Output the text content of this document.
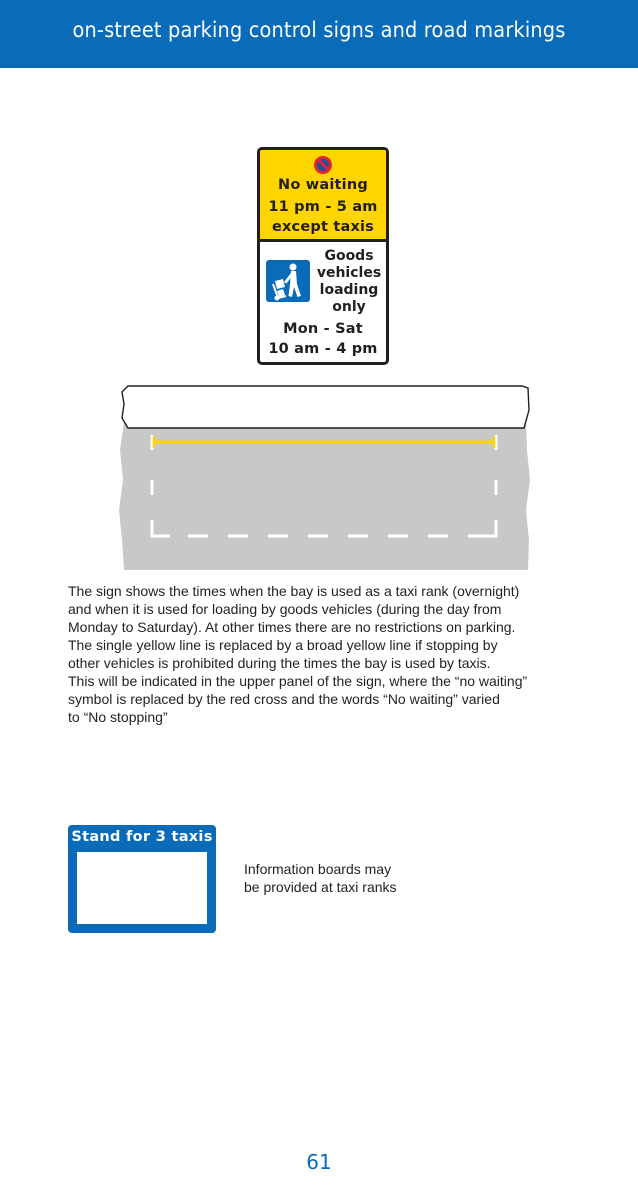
on-street parking control signs and road markings
No waiting
11 pm - 5 am
except taxis
Goods
vehicles
loading
only
Mon - Sat
10 am - 4 pm
The sign shows the times when the bay is used as a taxi rank (overnight)
and when it is used for loading by goods vehicles (during the day from
Monday to Saturday). At other times there are no restrictions on parking.
The single yellow line is replaced by a broad yellow line if stopping by
other vehicles is prohibited during the times the bay is used by taxis.
This will be indicated in the upper panel of the sign, where the “no waiting”
symbol is replaced by the red cross and the words “No waiting” varied
to “No stopping”
Stand for 3 taxis
Information boards may
be provided at taxi ranks
61
